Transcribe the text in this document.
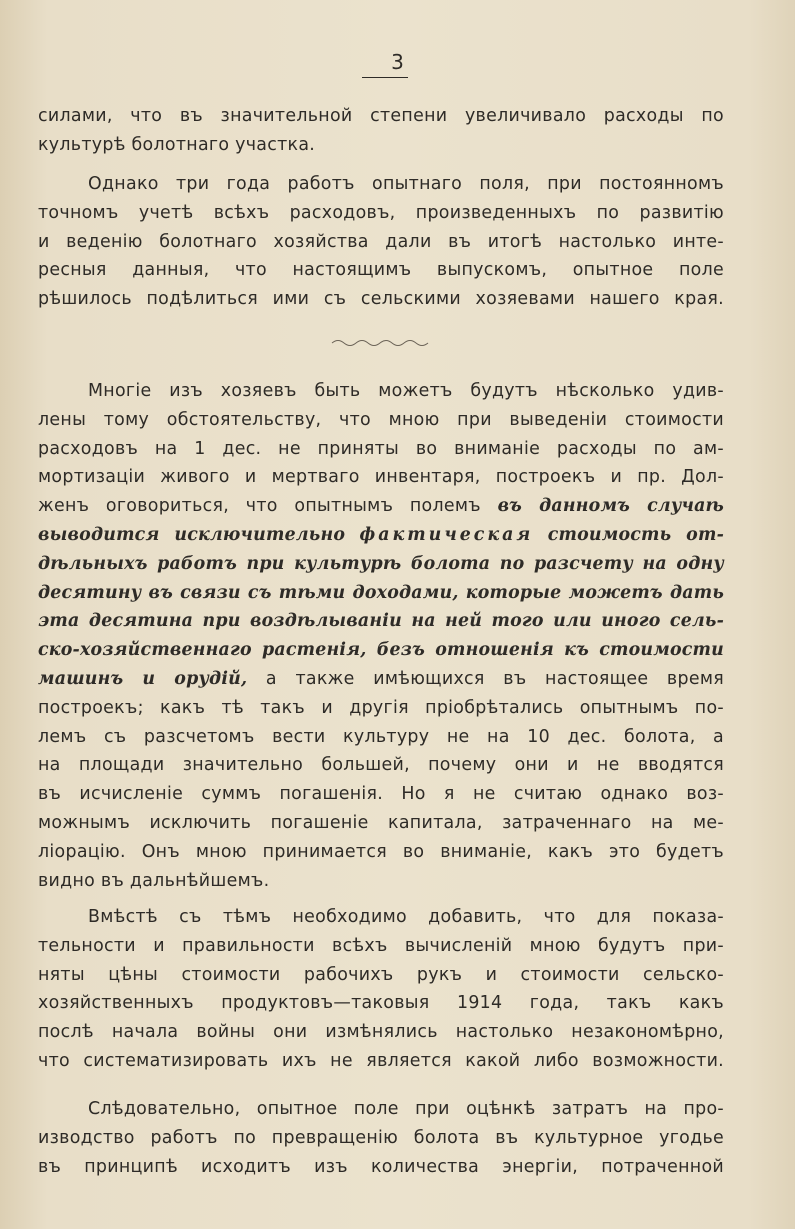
3
силами, что въ значительной степени увеличивало расходы по
культурѣ болотнаго участка.
Однако три года работъ опытнаго поля, при постоянномъ
точномъ учетѣ всѣхъ расходовъ, произведенныхъ по развитію
и веденію болотнаго хозяйства дали въ итогѣ настолько инте-
ресныя данныя, что настоящимъ выпускомъ, опытное поле
рѣшилось подѣлиться ими съ сельскими хозяевами нашего края.
Многіе изъ хозяевъ быть можетъ будутъ нѣсколько удив-
лены тому обстоятельству, что мною при выведеніи стоимости
расходовъ на 1 дес. не приняты во вниманіе расходы по ам-
мортизаціи живого и мертваго инвентаря, построекъ и пр. Дол-
женъ оговориться, что опытнымъ полемъ въ данномъ случаѣ
выводится исключительно фактическая стоимость от-
дѣльныхъ работъ при культурѣ болота по разсчету на одну
десятину въ связи съ тѣми доходами, которые можетъ дать
эта десятина при воздѣлываніи на ней того или иного сель-
ско-хозяйственнаго растенія, безъ отношенія къ стоимости
машинъ и орудій, а также имѣющихся въ настоящее время
построекъ; какъ тѣ такъ и другія пріобрѣтались опытнымъ по-
лемъ съ разсчетомъ вести культуру не на 10 дес. болота, а
на площади значительно большей, почему они и не вводятся
въ исчисленіе суммъ погашенія. Но я не считаю однако воз-
можнымъ исключить погашеніе капитала, затраченнаго на ме-
ліорацію. Онъ мною принимается во вниманіе, какъ это будетъ
видно въ дальнѣйшемъ.
Вмѣстѣ съ тѣмъ необходимо добавить, что для показа-
тельности и правильности всѣхъ вычисленій мною будутъ при-
няты цѣны стоимости рабочихъ рукъ и стоимости сельско-
хозяйственныхъ продуктовъ—таковыя 1914 года, такъ какъ
послѣ начала войны они измѣнялись настолько незакономѣрно,
что систематизировать ихъ не является какой либо возможности.
Слѣдовательно, опытное поле при оцѣнкѣ затратъ на про-
изводство работъ по превращенію болота въ культурное угодье
въ принципѣ исходитъ изъ количества энергіи, потраченной
